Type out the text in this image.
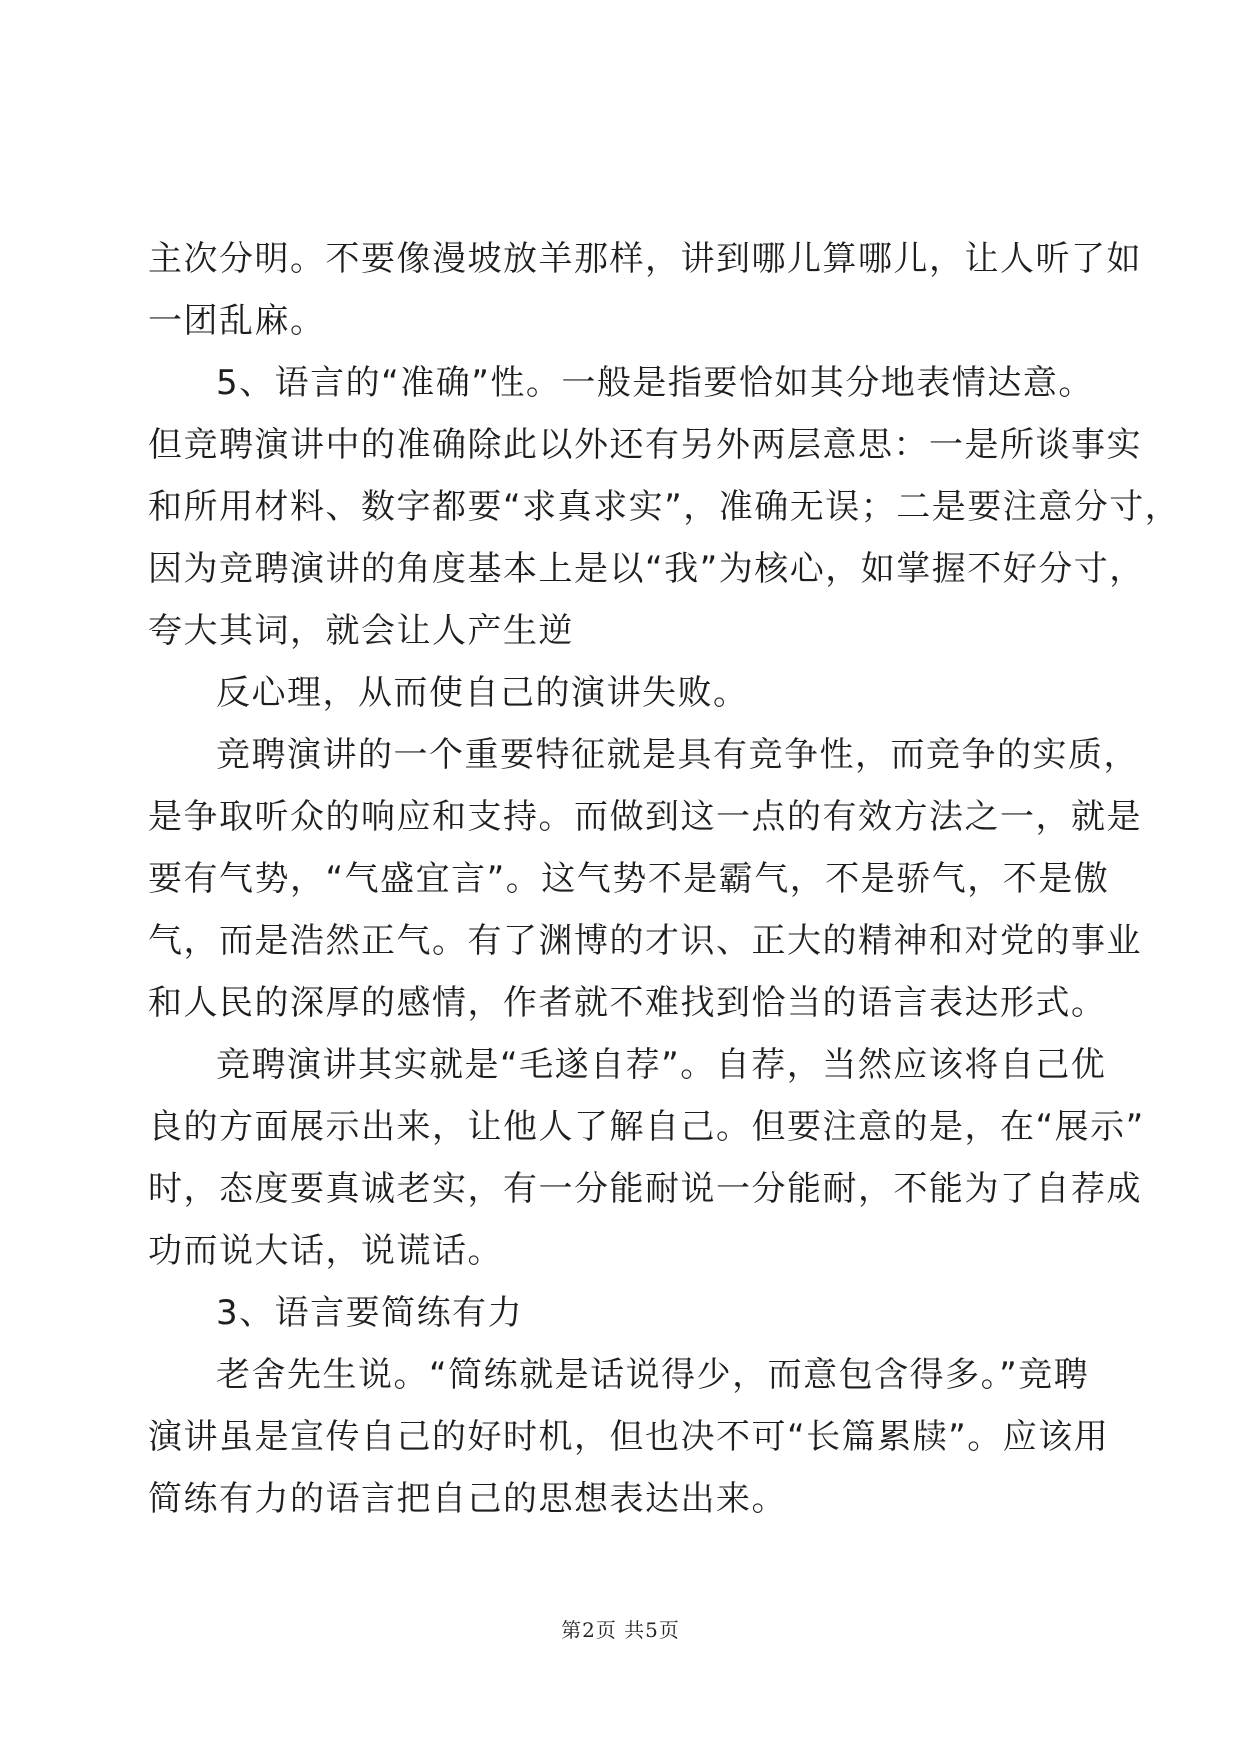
主次分明。不要像漫坡放羊那样，讲到哪儿算哪儿，让人听了如
一团乱麻。
5、语言的“准确”性。一般是指要恰如其分地表情达意。
但竞聘演讲中的准确除此以外还有另外两层意思：一是所谈事实
和所用材料、数字都要“求真求实”，准确无误；二是要注意分寸，
因为竞聘演讲的角度基本上是以“我”为核心，如掌握不好分寸，
夸大其词，就会让人产生逆
反心理，从而使自己的演讲失败。
竞聘演讲的一个重要特征就是具有竞争性，而竞争的实质，
是争取听众的响应和支持。而做到这一点的有效方法之一，就是
要有气势，“气盛宜言”。这气势不是霸气，不是骄气，不是傲
气，而是浩然正气。有了渊博的才识、正大的精神和对党的事业
和人民的深厚的感情，作者就不难找到恰当的语言表达形式。
竞聘演讲其实就是“毛遂自荐”。自荐，当然应该将自己优
良的方面展示出来，让他人了解自己。但要注意的是，在“展示”
时，态度要真诚老实，有一分能耐说一分能耐，不能为了自荐成
功而说大话，说谎话。
3、语言要简练有力
老舍先生说。“简练就是话说得少，而意包含得多。”竞聘
演讲虽是宣传自己的好时机，但也决不可“长篇累牍”。应该用
简练有力的语言把自己的思想表达出来。
第2页 共5页
